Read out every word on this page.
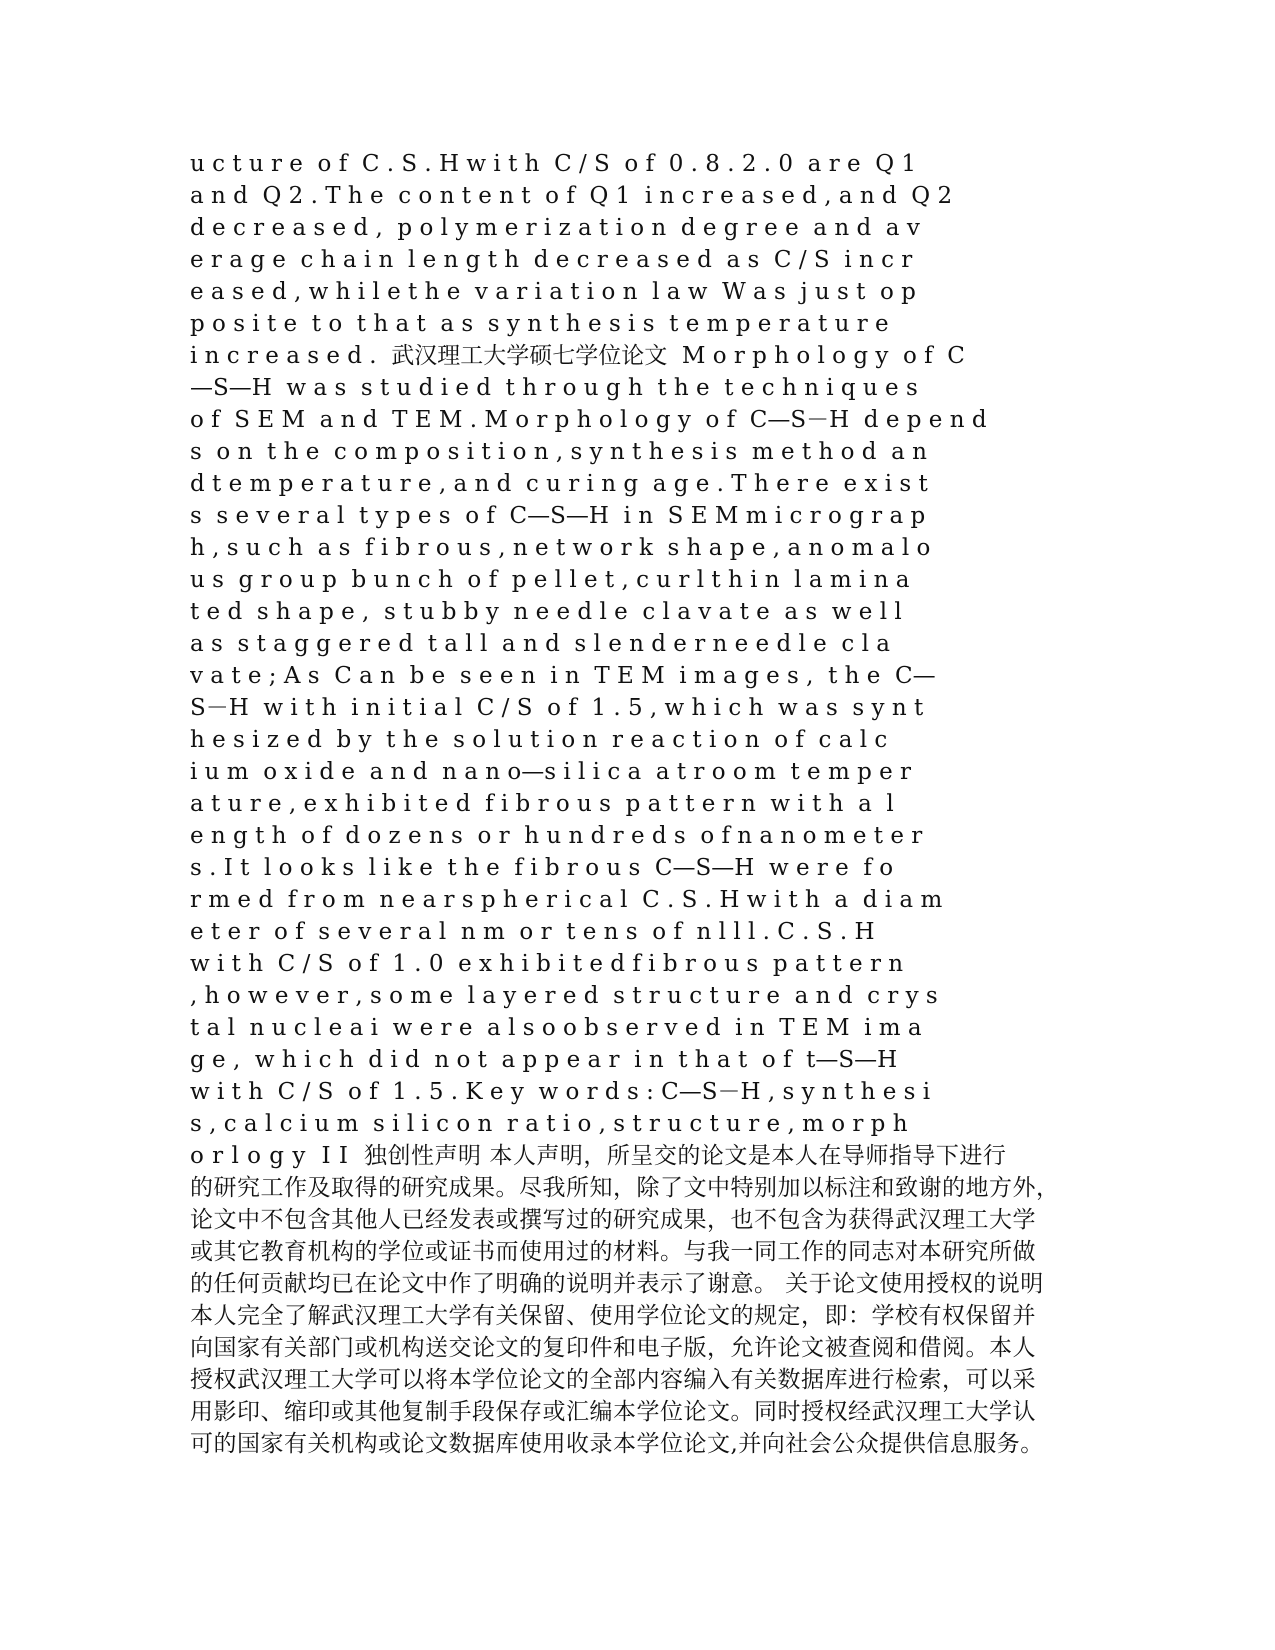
u c t u r e  o f  C . S . H w i t h  C / S  o f  0 . 8 . 2 . 0  a r e  Q 1
a n d  Q 2 . T h e  c o n t e n t  o f  Q 1  i n c r e a s e d , a n d  Q 2
d e c r e a s e d ,  p o l y m e r i z a t i o n  d e g r e e  a n d  a v
e r a g e  c h a i n  l e n g t h  d e c r e a s e d  a s  C / S  i n c r
e a s e d , w h i l e t h e  v a r i a t i o n  l a w  W a s  j u s t  o p
p o s i t e  t o  t h a t  a s  s y n t h e s i s  t e m p e r a t u r e
i n c r e a s e d .  武汉理工大学硕七学位论文  M o r p h o l o g y  o f  C
—S—H  w a s  s t u d i e d  t h r o u g h  t h e  t e c h n i q u e s
o f  S E M  a n d  T E M . M o r p h o l o g y  o f  C—S－H  d e p e n d
s  o n  t h e  c o m p o s i t i o n , s y n t h e s i s  m e t h o d  a n
d t e m p e r a t u r e , a n d  c u r i n g  a g e . T h e r e  e x i s t
s  s e v e r a l  t y p e s  o f  C—S—H  i n  S E M m i c r o g r a p
h , s u c h  a s  f i b r o u s , n e t w o r k  s h a p e , a n o m a l o
u s  g r o u p  b u n c h  o f  p e l l e t , c u r l t h i n  l a m i n a
t e d  s h a p e ,  s t u b b y  n e e d l e  c l a v a t e  a s  w e l l
a s  s t a g g e r e d  t a l l  a n d  s l e n d e r n e e d l e  c l a
v a t e ; A s  C a n  b e  s e e n  i n  T E M  i m a g e s ,  t h e  C—
S－H  w i t h  i n i t i a l  C / S  o f  1 . 5 , w h i c h  w a s  s y n t
h e s i z e d  b y  t h e  s o l u t i o n  r e a c t i o n  o f  c a l c
i u m  o x i d e  a n d  n a n o—s i l i c a  a t r o o m  t e m p e r
a t u r e , e x h i b i t e d  f i b r o u s  p a t t e r n  w i t h  a  l
e n g t h  o f  d o z e n s  o r  h u n d r e d s  o f n a n o m e t e r
s . I t  l o o k s  l i k e  t h e  f i b r o u s  C—S—H  w e r e  f o
r m e d  f r o m  n e a r s p h e r i c a l  C . S . H w i t h  a  d i a m
e t e r  o f  s e v e r a l  n m  o r  t e n s  o f  n l l l . C . S . H
w i t h  C / S  o f  1 . 0  e x h i b i t e d f i b r o u s  p a t t e r n
, h o w e v e r , s o m e  l a y e r e d  s t r u c t u r e  a n d  c r y s
t a l  n u c l e a i  w e r e  a l s o o b s e r v e d  i n  T E M  i m a
g e ,  w h i c h  d i d  n o t  a p p e a r  i n  t h a t  o f  t—S—H
w i t h  C / S  o f  1 . 5 . K e y  w o r d s : C—S－H , s y n t h e s i
s , c a l c i u m  s i l i c o n  r a t i o , s t r u c t u r e , m o r p h
o r l o g y  I I  独创性声明 本人声明，所呈交的论文是本人在导师指导下进行
的研究工作及取得的研究成果。尽我所知，除了文中特别加以标注和致谢的地方外，
论文中不包含其他人已经发表或撰写过的研究成果，也不包含为获得武汉理工大学
或其它教育机构的学位或证书而使用过的材料。与我一同工作的同志对本研究所做
的任何贡献均已在论文中作了明确的说明并表示了谢意。 关于论文使用授权的说明
本人完全了解武汉理工大学有关保留、使用学位论文的规定，即：学校有权保留并
向国家有关部门或机构送交论文的复印件和电子版，允许论文被查阅和借阅。本人
授权武汉理工大学可以将本学位论文的全部内容编入有关数据库进行检索，可以采
用影印、缩印或其他复制手段保存或汇编本学位论文。同时授权经武汉理工大学认
可的国家有关机构或论文数据库使用收录本学位论文,并向社会公众提供信息服务。
